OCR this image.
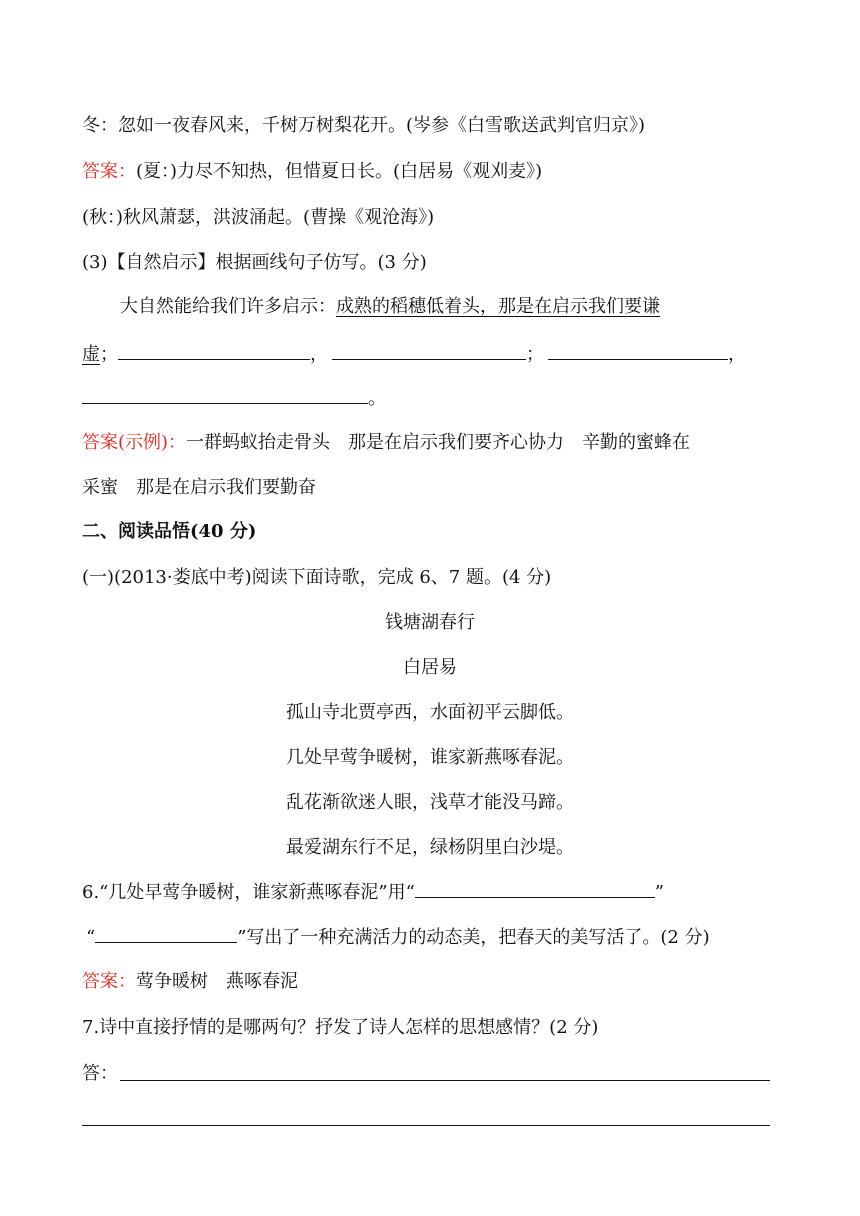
冬：忽如一夜春风来，千树万树梨花开。(岑参《白雪歌送武判官归京》)
答案：(夏：)力尽不知热，但惜夏日长。(白居易《观刈麦》)
(秋：)秋风萧瑟，洪波涌起。(曹操《观沧海》)
(3)【自然启示】根据画线句子仿写。(3 分)
大自然能给我们许多启示：成熟的稻穗低着头，那是在启示我们要谦
虚；	，	；	，
。
答案(示例)：一群蚂蚁抬走骨头　那是在启示我们要齐心协力　辛勤的蜜蜂在
采蜜　那是在启示我们要勤奋
二、阅读品悟(40 分)
(一)(2013·娄底中考)阅读下面诗歌，完成 6、7 题。(4 分)
钱塘湖春行
白居易
孤山寺北贾亭西，水面初平云脚低。
几处早莺争暖树，谁家新燕啄春泥。
乱花渐欲迷人眼，浅草才能没马蹄。
最爱湖东行不足，绿杨阴里白沙堤。
6.“几处早莺争暖树，谁家新燕啄春泥”用“	”
“	”写出了一种充满活力的动态美，把春天的美写活了。(2 分)
答案：莺争暖树　燕啄春泥
7.诗中直接抒情的是哪两句？抒发了诗人怎样的思想感情？(2 分)
答：
